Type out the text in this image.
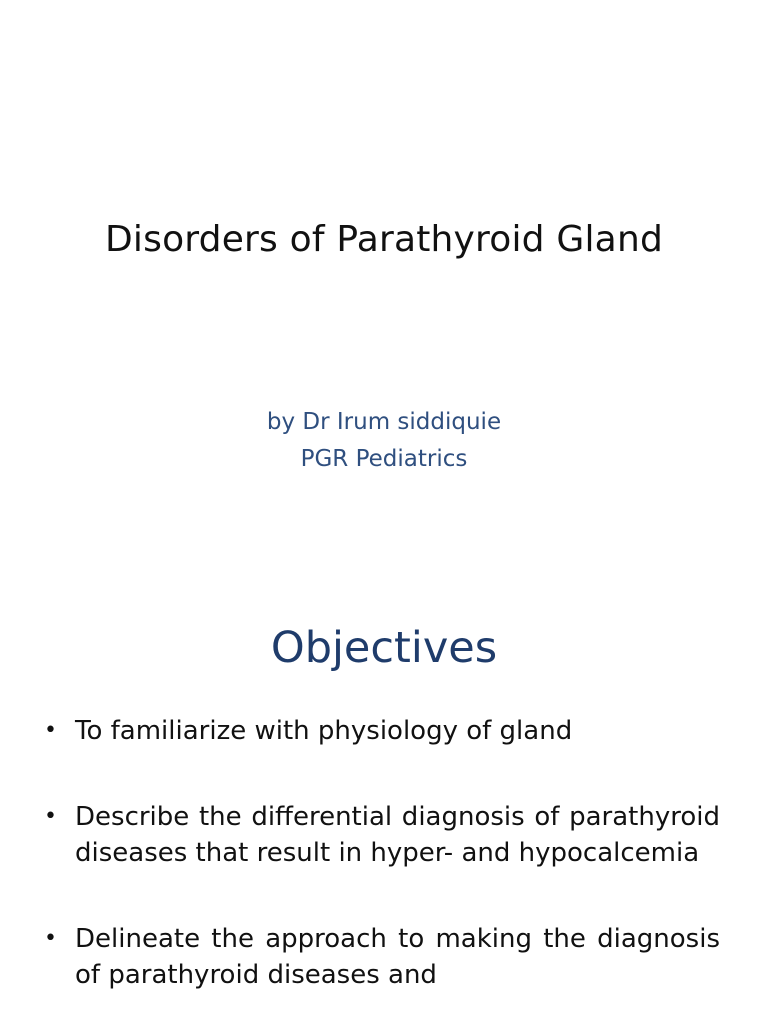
Disorders of Parathyroid Gland
by Dr Irum siddiquie
PGR Pediatrics
Objectives
• To familiarize with physiology of gland
• Describe the differential diagnosis of parathyroid diseases that result in hyper- and hypocalcemia
• Delineate the approach to making the diagnosis of parathyroid diseases and
